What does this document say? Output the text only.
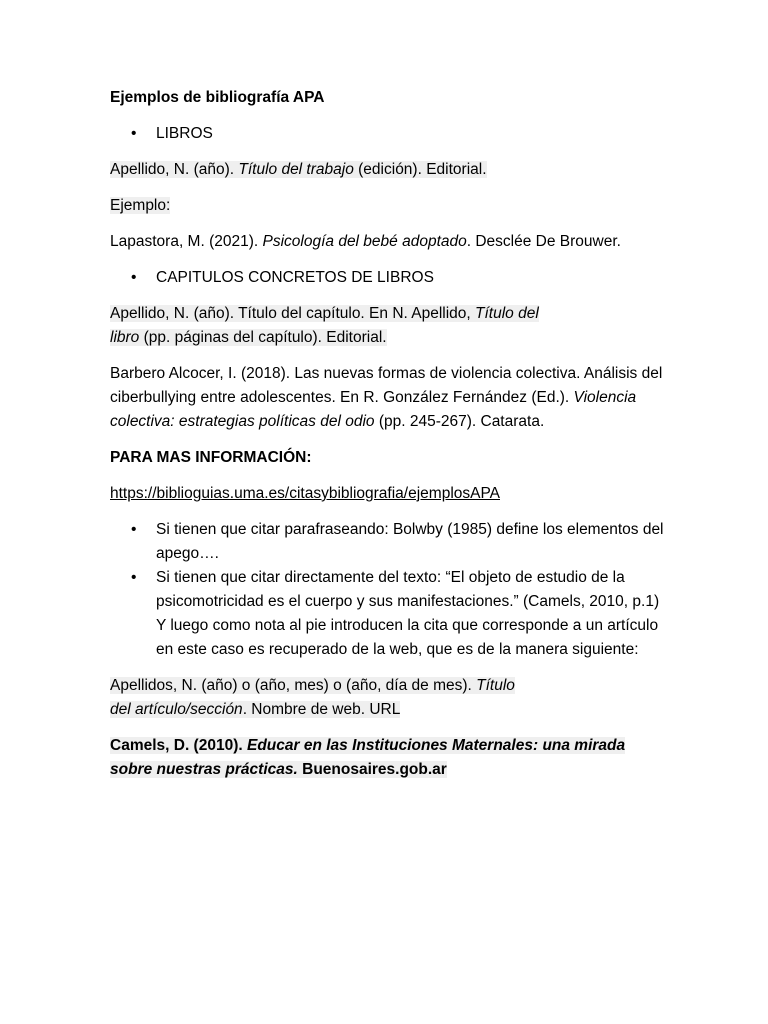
Ejemplos de bibliografía APA

• LIBROS

Apellido, N. (año). Título del trabajo (edición). Editorial.

Ejemplo:

Lapastora, M. (2021). Psicología del bebé adoptado. Desclée De Brouwer.

• CAPITULOS CONCRETOS DE LIBROS

Apellido, N. (año). Título del capítulo. En N. Apellido, Título del
libro (pp. páginas del capítulo). Editorial.

Barbero Alcocer, I. (2018). Las nuevas formas de violencia colectiva. Análisis del ciberbullying entre adolescentes. En R. González Fernández (Ed.). Violencia colectiva: estrategias políticas del odio (pp. 245-267). Catarata.

PARA MAS INFORMACIÓN:

https://biblioguias.uma.es/citasybibliografia/ejemplosAPA

• Si tienen que citar parafraseando: Bolwby (1985) define los elementos del apego….

• Si tienen que citar directamente del texto: “El objeto de estudio de la psicomotricidad es el cuerpo y sus manifestaciones.” (Camels, 2010, p.1) Y luego como nota al pie introducen la cita que corresponde a un artículo en este caso es recuperado de la web, que es de la manera siguiente:

Apellidos, N. (año) o (año, mes) o (año, día de mes). Título
del artículo/sección. Nombre de web. URL

Camels, D. (2010). Educar en las Instituciones Maternales: una mirada sobre nuestras prácticas. Buenosaires.gob.ar
